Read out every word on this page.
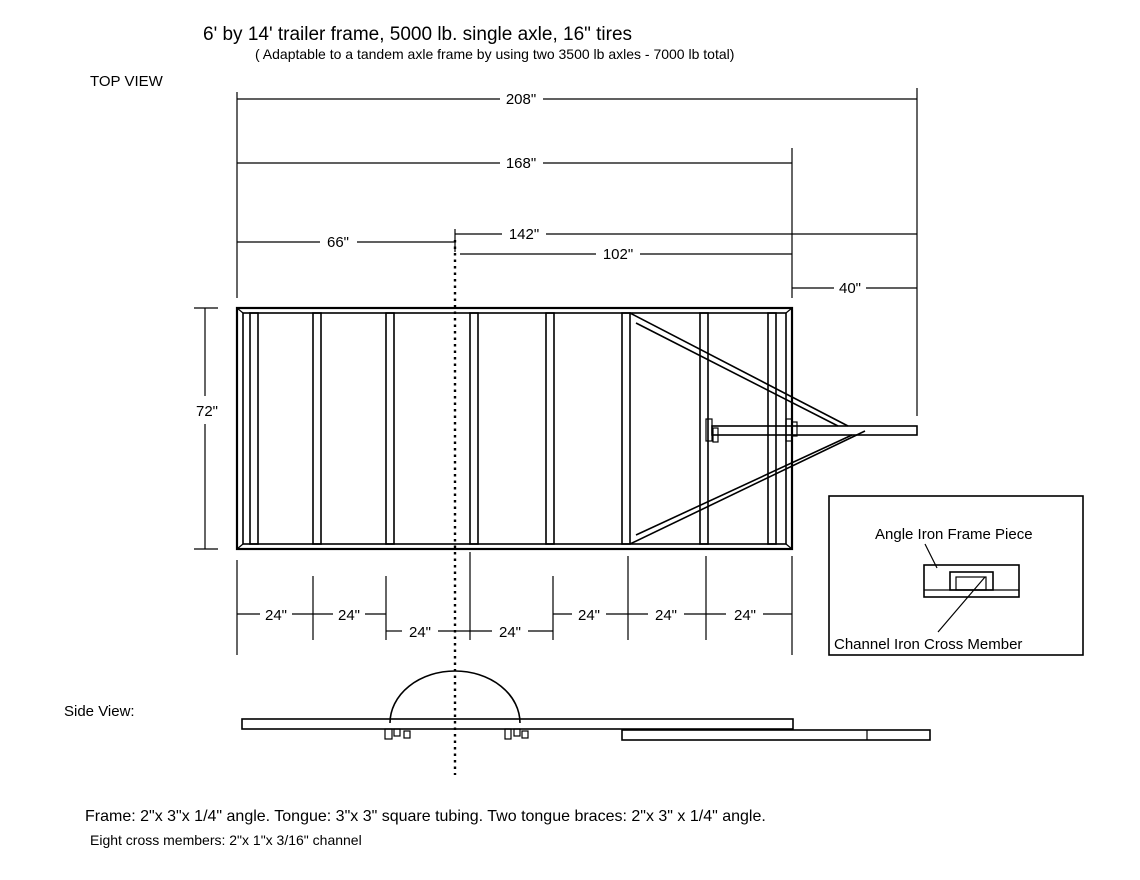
6' by 14' trailer frame, 5000 lb. single axle, 16" tires
( Adaptable to a tandem axle frame by using two 3500 lb axles - 7000 lb total)
TOP VIEW
208"
168"
66"	142"
102"
40"
72"
24"	24"
24"	24"
24"	24"	24"
Angle Iron Frame Piece
Channel Iron Cross Member
Side View:
Frame: 2"x 3"x 1/4" angle. Tongue: 3"x 3" square tubing. Two tongue braces: 2"x 3" x 1/4" angle.
Eight cross members: 2"x 1"x 3/16" channel
